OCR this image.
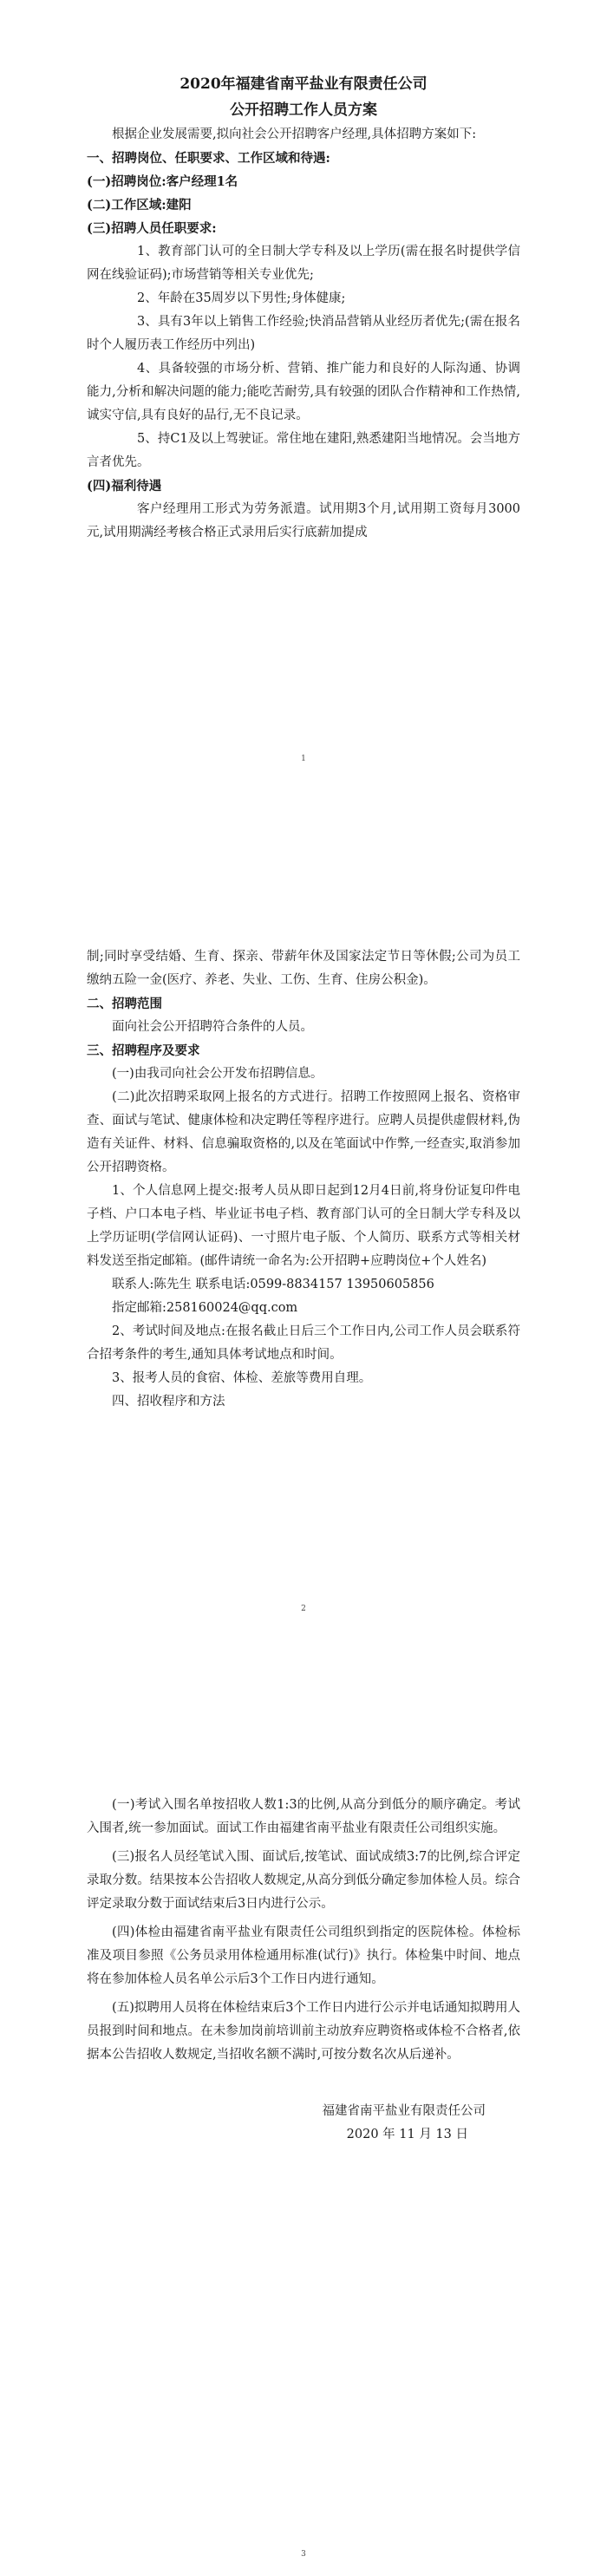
2020年福建省南平盐业有限责任公司

公开招聘工作人员方案

根据企业发展需要,拟向社会公开招聘客户经理,具体招聘方案如下:

一、招聘岗位、任职要求、工作区域和待遇:

(一)招聘岗位:客户经理1名

(二)工作区域:建阳

(三)招聘人员任职要求:

1、教育部门认可的全日制大学专科及以上学历(需在报名时提供学信网在线验证码);市场营销等相关专业优先;

2、年龄在35周岁以下男性;身体健康;

3、具有3年以上销售工作经验;快消品营销从业经历者优先;(需在报名时个人履历表工作经历中列出)

4、具备较强的市场分析、营销、推广能力和良好的人际沟通、协调能力,分析和解决问题的能力;能吃苦耐劳,具有较强的团队合作精神和工作热情,诚实守信,具有良好的品行,无不良记录。

5、持C1及以上驾驶证。常住地在建阳,熟悉建阳当地情况。会当地方言者优先。

(四)福利待遇

客户经理用工形式为劳务派遣。试用期3个月,试用期工资每月3000元,试用期满经考核合格正式录用后实行底薪加提成

1

制;同时享受结婚、生育、探亲、带薪年休及国家法定节日等休假;公司为员工缴纳五险一金(医疗、养老、失业、工伤、生育、住房公积金)。

二、招聘范围

面向社会公开招聘符合条件的人员。

三、招聘程序及要求

(一)由我司向社会公开发布招聘信息。

(二)此次招聘采取网上报名的方式进行。招聘工作按照网上报名、资格审查、面试与笔试、健康体检和决定聘任等程序进行。应聘人员提供虚假材料,伪造有关证件、材料、信息骗取资格的,以及在笔面试中作弊,一经查实,取消参加公开招聘资格。

1、个人信息网上提交:报考人员从即日起到12月4日前,将身份证复印件电子档、户口本电子档、毕业证书电子档、教育部门认可的全日制大学专科及以上学历证明(学信网认证码)、一寸照片电子版、个人简历、联系方式等相关材料发送至指定邮箱。(邮件请统一命名为:公开招聘+应聘岗位+个人姓名)

联系人:陈先生 联系电话:0599-8834157 13950605856

指定邮箱:258160024@qq.com

2、考试时间及地点:在报名截止日后三个工作日内,公司工作人员会联系符合招考条件的考生,通知具体考试地点和时间。

3、报考人员的食宿、体检、差旅等费用自理。

四、招收程序和方法

2

(一)考试入围名单按招收人数1:3的比例,从高分到低分的顺序确定。考试入围者,统一参加面试。面试工作由福建省南平盐业有限责任公司组织实施。

(三)报名人员经笔试入围、面试后,按笔试、面试成绩3:7的比例,综合评定录取分数。结果按本公告招收人数规定,从高分到低分确定参加体检人员。综合评定录取分数于面试结束后3日内进行公示。

(四)体检由福建省南平盐业有限责任公司组织到指定的医院体检。体检标准及项目参照《公务员录用体检通用标准(试行)》执行。体检集中时间、地点将在参加体检人员名单公示后3个工作日内进行通知。

(五)拟聘用人员将在体检结束后3个工作日内进行公示并电话通知拟聘用人员报到时间和地点。在未参加岗前培训前主动放弃应聘资格或体检不合格者,依据本公告招收人数规定,当招收名额不满时,可按分数名次从后递补。

福建省南平盐业有限责任公司

2020 年 11 月 13 日

3
